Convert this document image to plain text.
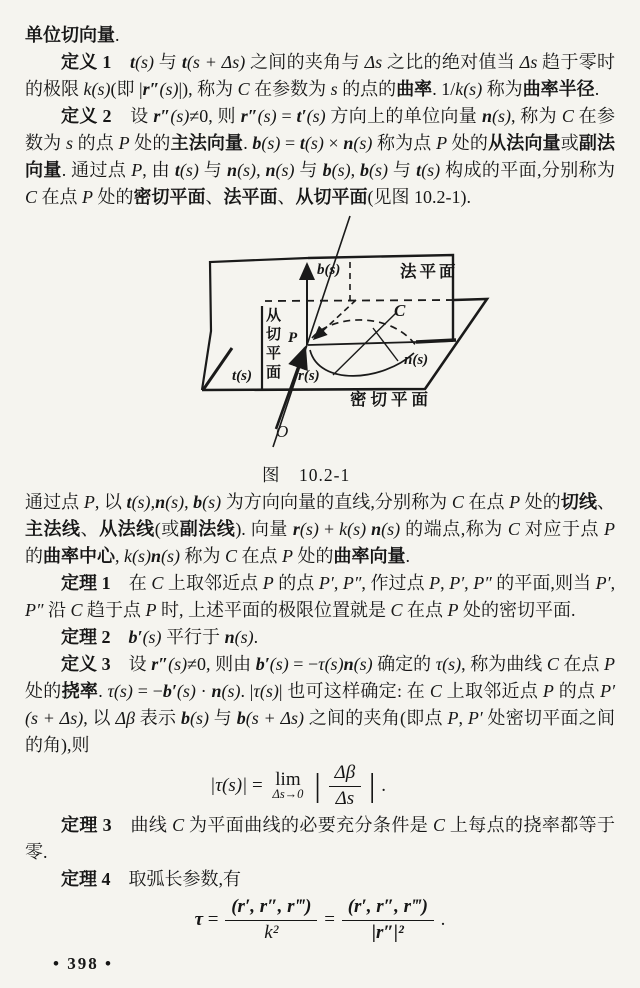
单位切向量.

定义 1　 t(s) 与 t(s + Δs) 之间的夹角与 Δs 之比的绝对值当 Δs 趋于零时的极限 k(s)(即 |r″(s)|), 称为 C 在参数为 s 的点的曲率. 1/k(s) 称为曲率半径.

定义 2　设 r″(s)≠0, 则 r″(s) = t′(s) 方向上的单位向量 n(s), 称为 C 在参数为 s 的点 P 处的主法向量. b(s) = t(s) × n(s) 称为点 P 处的从法向量或副法向量. 通过点 P, 由 t(s) 与 n(s), n(s) 与 b(s), b(s) 与 t(s) 构成的平面,分别称为 C 在点 P 处的密切平面、法平面、从切平面(见图 10.2-1).

法平面
从切平面
密切平面
b(s)
t(s)
n(s)
r(s)
C
P
O
图　10.2-1

通过点 P, 以 t(s),n(s), b(s) 为方向向量的直线,分别称为 C 在点 P 处的切线、主法线、从法线(或副法线). 向量 r(s) + k(s) n(s) 的端点,称为 C 对应于点 P 的曲率中心, k(s)n(s) 称为 C 在点 P 处的曲率向量.

定理 1　在 C 上取邻近点 P 的点 P′, P″, 作过点 P, P′, P″ 的平面,则当 P′, P″ 沿 C 趋于点 P 时, 上述平面的极限位置就是 C 在点 P 处的密切平面.

定理 2　 b′(s) 平行于 n(s).

定义 3　设 r″(s)≠0, 则由 b′(s) = −τ(s)n(s) 确定的 τ(s), 称为曲线 C 在点 P 处的挠率. τ(s) = −b′(s) · n(s). |τ(s)| 也可这样确定: 在 C 上取邻近点 P 的点 P′(s + Δs), 以 Δβ 表示 b(s) 与 b(s + Δs) 之间的夹角(即点 P, P′ 处密切平面之间的角),则

|τ(s)| = lim
Δs→0 | $\frac{\Delta\beta}{\Delta s}$ | .

定理 3　曲线 C 为平面曲线的必要充分条件是 C 上每点的挠率都等于零.

定理 4　取弧长参数,有

$\tau = \frac{(r', r'', r‴)}{\text{k²}} = \frac{(r', r'', r‴)}{\text{|r″|²}}$ .
• 398 •
